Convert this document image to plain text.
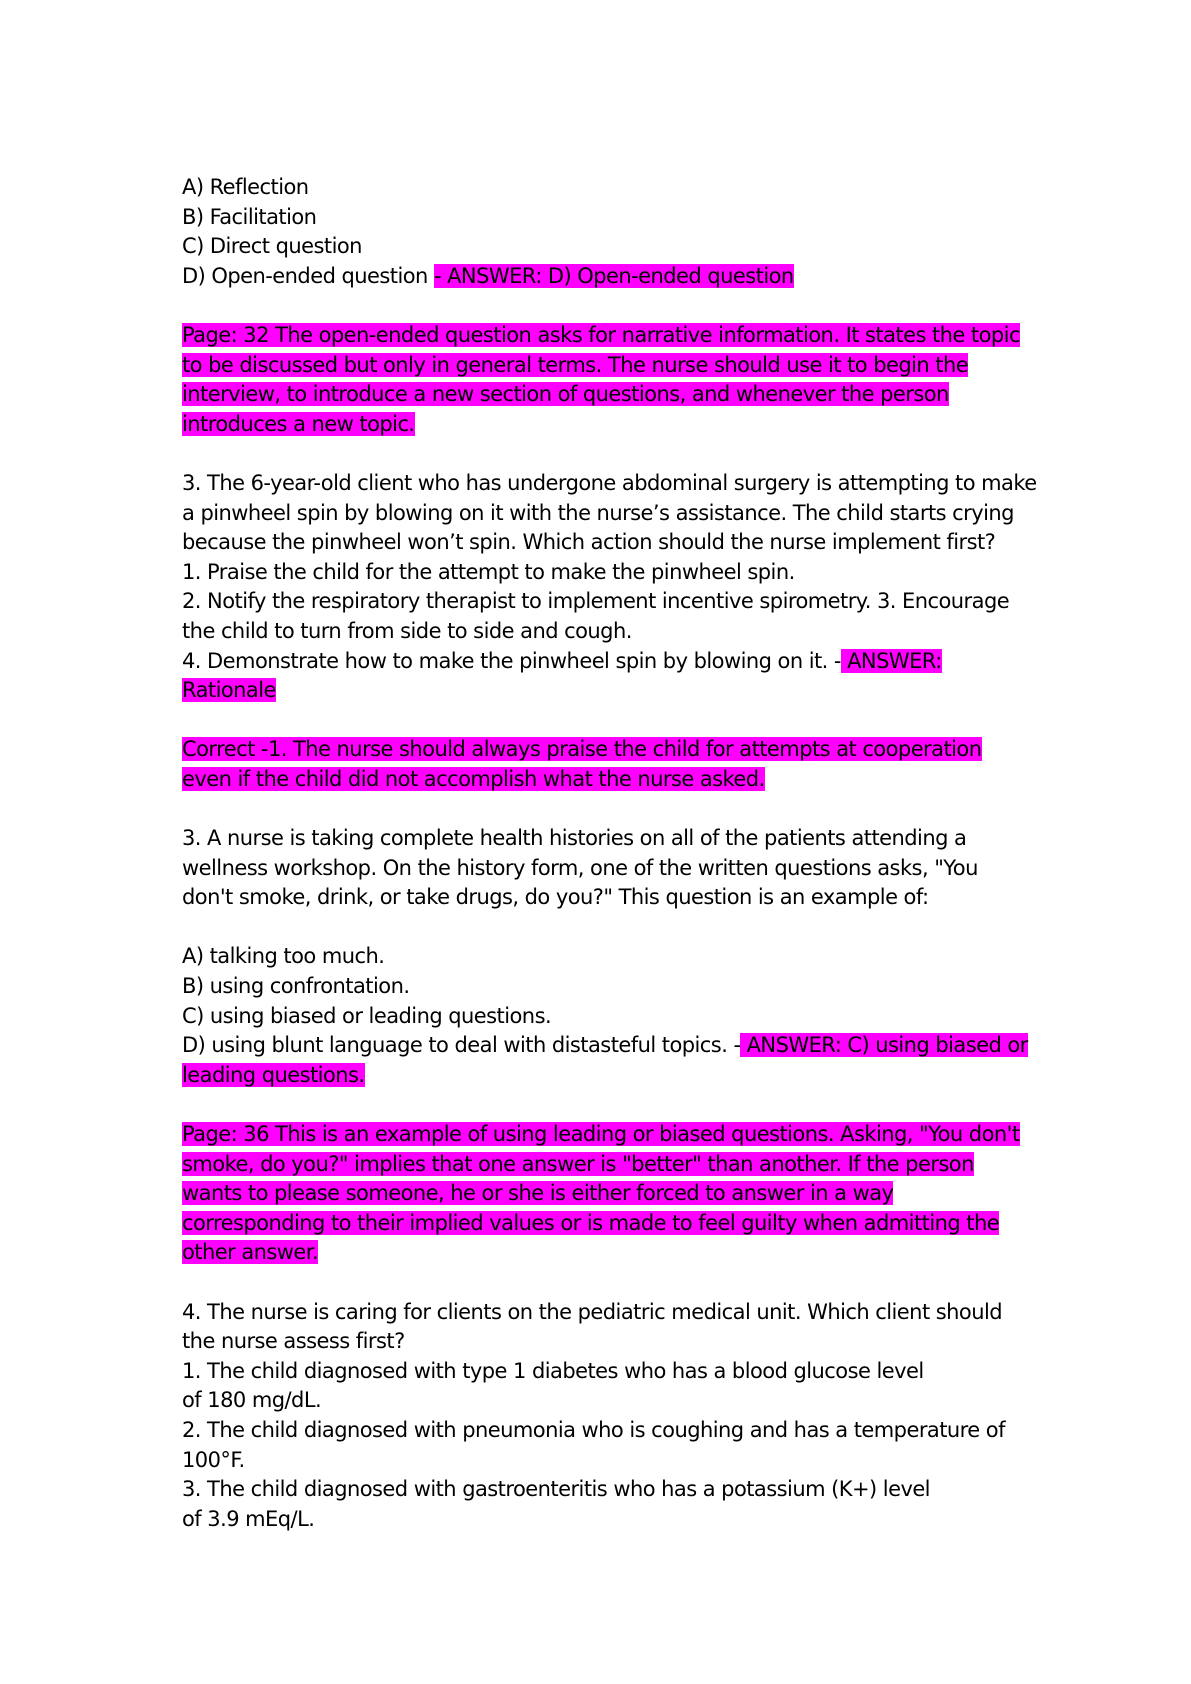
A) Reflection
B) Facilitation
C) Direct question
D) Open-ended question - ANSWER: D) Open-ended question
Page: 32 The open-ended question asks for narrative information. It states the topic
to be discussed but only in general terms. The nurse should use it to begin the
interview, to introduce a new section of questions, and whenever the person
introduces a new topic.
3. The 6-year-old client who has undergone abdominal surgery is attempting to make
a pinwheel spin by blowing on it with the nurse’s assistance. The child starts crying
because the pinwheel won’t spin. Which action should the nurse implement first?
1. Praise the child for the attempt to make the pinwheel spin.
2. Notify the respiratory therapist to implement incentive spirometry. 3. Encourage
the child to turn from side to side and cough.
4. Demonstrate how to make the pinwheel spin by blowing on it. - ANSWER:
Rationale
Correct -1. The nurse should always praise the child for attempts at cooperation
even if the child did not accomplish what the nurse asked.
3. A nurse is taking complete health histories on all of the patients attending a
wellness workshop. On the history form, one of the written questions asks, "You
don't smoke, drink, or take drugs, do you?" This question is an example of:
A) talking too much.
B) using confrontation.
C) using biased or leading questions.
D) using blunt language to deal with distasteful topics. - ANSWER: C) using biased or
leading questions.
Page: 36 This is an example of using leading or biased questions. Asking, "You don't
smoke, do you?" implies that one answer is "better" than another. If the person
wants to please someone, he or she is either forced to answer in a way
corresponding to their implied values or is made to feel guilty when admitting the
other answer.
4. The nurse is caring for clients on the pediatric medical unit. Which client should
the nurse assess first?
1. The child diagnosed with type 1 diabetes who has a blood glucose level
of 180 mg/dL.
2. The child diagnosed with pneumonia who is coughing and has a temperature of
100°F.
3. The child diagnosed with gastroenteritis who has a potassium (K+) level
of 3.9 mEq/L.
